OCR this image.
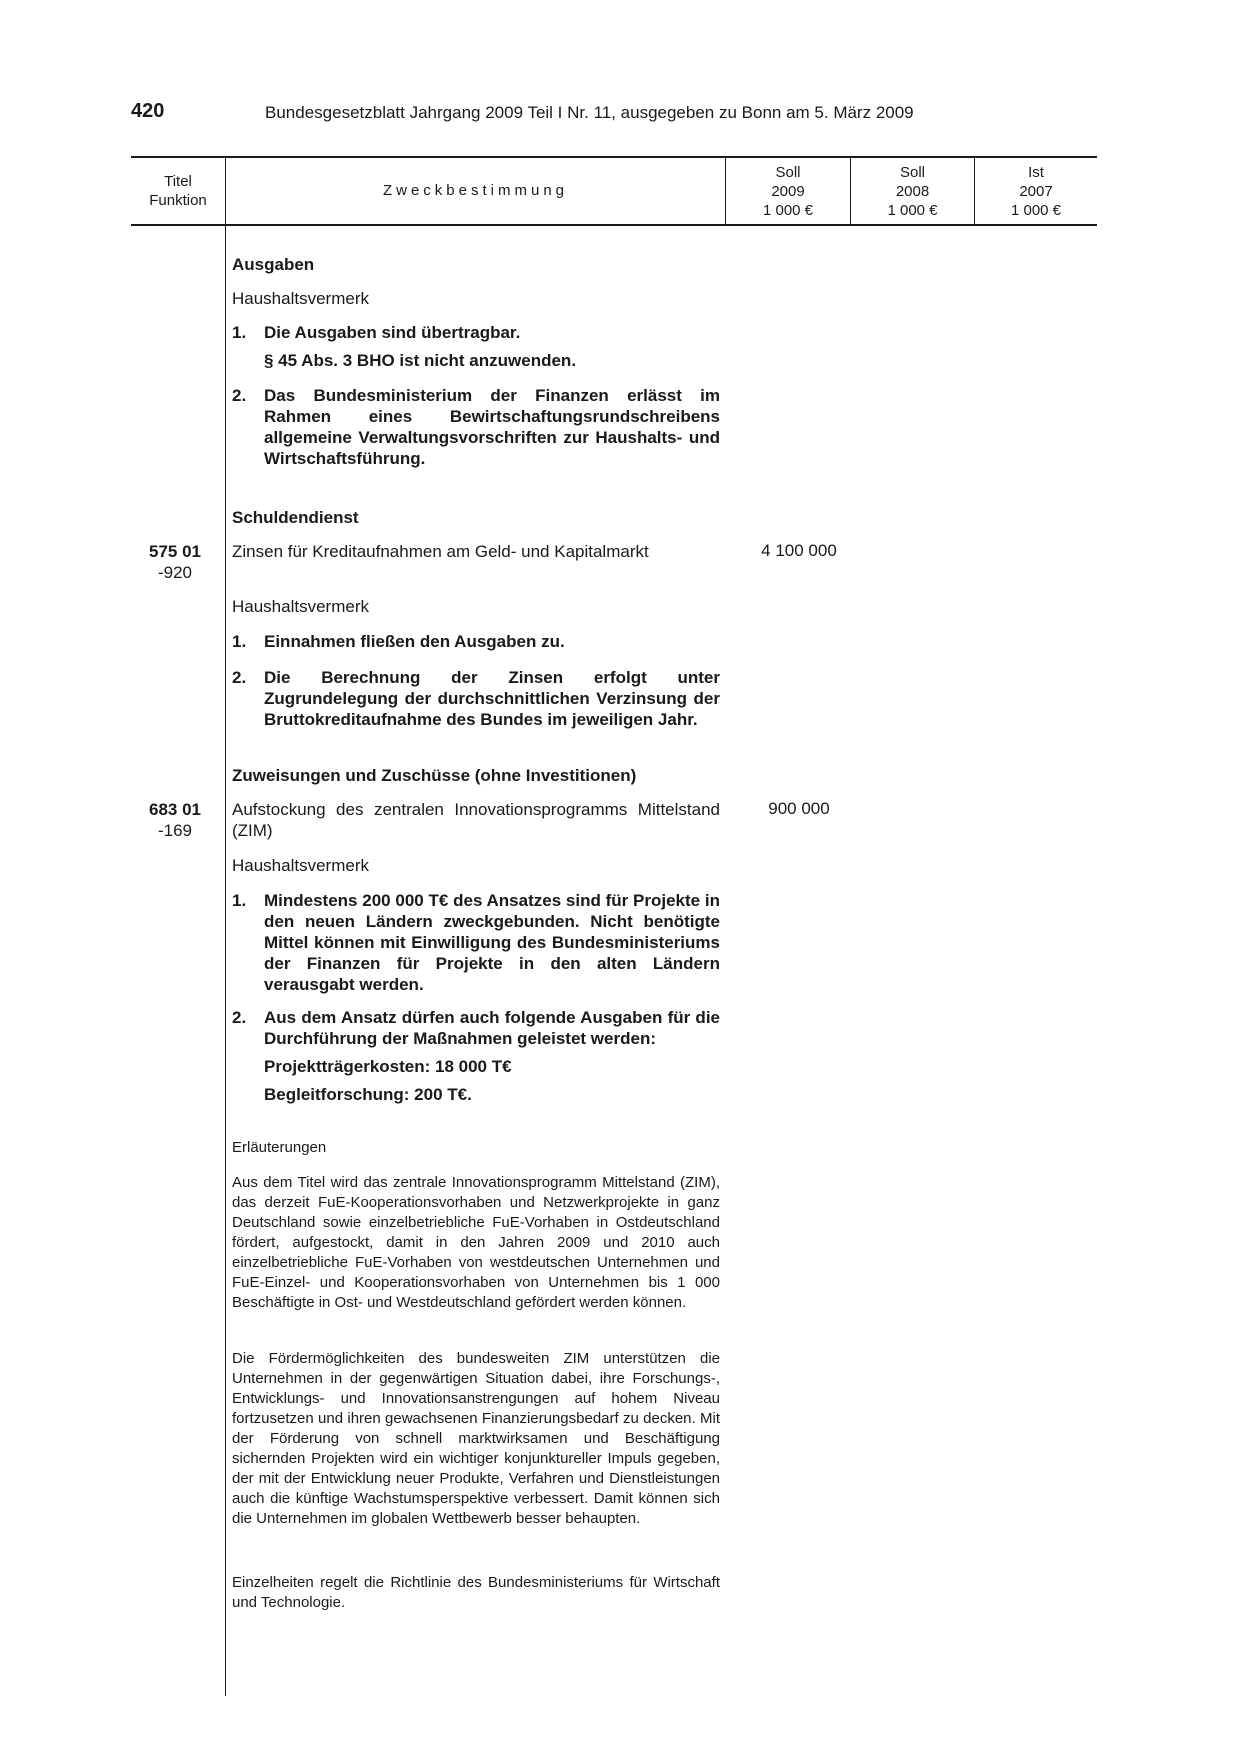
420	Bundesgesetzblatt Jahrgang 2009 Teil I Nr. 11, ausgegeben zu Bonn am 5. März 2009
Titel
Funktion
Zweckbestimmung
Soll
2009
1 000 €
Soll
2008
1 000 €
Ist
2007
1 000 €
Ausgaben
Haushaltsvermerk
1. Die Ausgaben sind übertragbar.
§ 45 Abs. 3 BHO ist nicht anzuwenden.
2. Das Bundesministerium der Finanzen erlässt im Rahmen eines Bewirtschaftungsrundschreibens allgemeine Verwaltungsvorschriften zur Haushalts- und Wirtschaftsführung.
Schuldendienst
575 01
-920
Zinsen für Kreditaufnahmen am Geld- und Kapitalmarkt	4 100 000
Haushaltsvermerk
1. Einnahmen fließen den Ausgaben zu.
2. Die Berechnung der Zinsen erfolgt unter Zugrundelegung der durchschnittlichen Verzinsung der Bruttokreditaufnahme des Bundes im jeweiligen Jahr.
Zuweisungen und Zuschüsse (ohne Investitionen)
683 01
-169
Aufstockung des zentralen Innovationsprogramms Mittelstand (ZIM)
900 000
Haushaltsvermerk
1. Mindestens 200 000 T€ des Ansatzes sind für Projekte in den neuen Ländern zweckgebunden. Nicht benötigte Mittel können mit Einwilligung des Bundesministeriums der Finanzen für Projekte in den alten Ländern verausgabt werden.
2. Aus dem Ansatz dürfen auch folgende Ausgaben für die Durchführung der Maßnahmen geleistet werden:
Projektträgerkosten: 18 000 T€
Begleitforschung: 200 T€.
Erläuterungen
Aus dem Titel wird das zentrale Innovationsprogramm Mittelstand (ZIM), das derzeit FuE-Kooperationsvorhaben und Netzwerkprojekte in ganz Deutschland sowie einzelbetriebliche FuE-Vorhaben in Ostdeutschland fördert, aufgestockt, damit in den Jahren 2009 und 2010 auch einzelbetriebliche FuE-Vorhaben von westdeutschen Unternehmen und FuE-Einzel- und Kooperationsvorhaben von Unternehmen bis 1 000 Beschäftigte in Ost- und Westdeutschland gefördert werden können.
Die Fördermöglichkeiten des bundesweiten ZIM unterstützen die Unternehmen in der gegenwärtigen Situation dabei, ihre Forschungs-, Entwicklungs- und Innovationsanstrengungen auf hohem Niveau fortzusetzen und ihren gewachsenen Finanzierungsbedarf zu decken. Mit der Förderung von schnell marktwirksamen und Beschäftigung sichernden Projekten wird ein wichtiger konjunktureller Impuls gegeben, der mit der Entwicklung neuer Produkte, Verfahren und Dienstleistungen auch die künftige Wachstumsperspektive verbessert. Damit können sich die Unternehmen im globalen Wettbewerb besser behaupten.
Einzelheiten regelt die Richtlinie des Bundesministeriums für Wirtschaft und Technologie.
